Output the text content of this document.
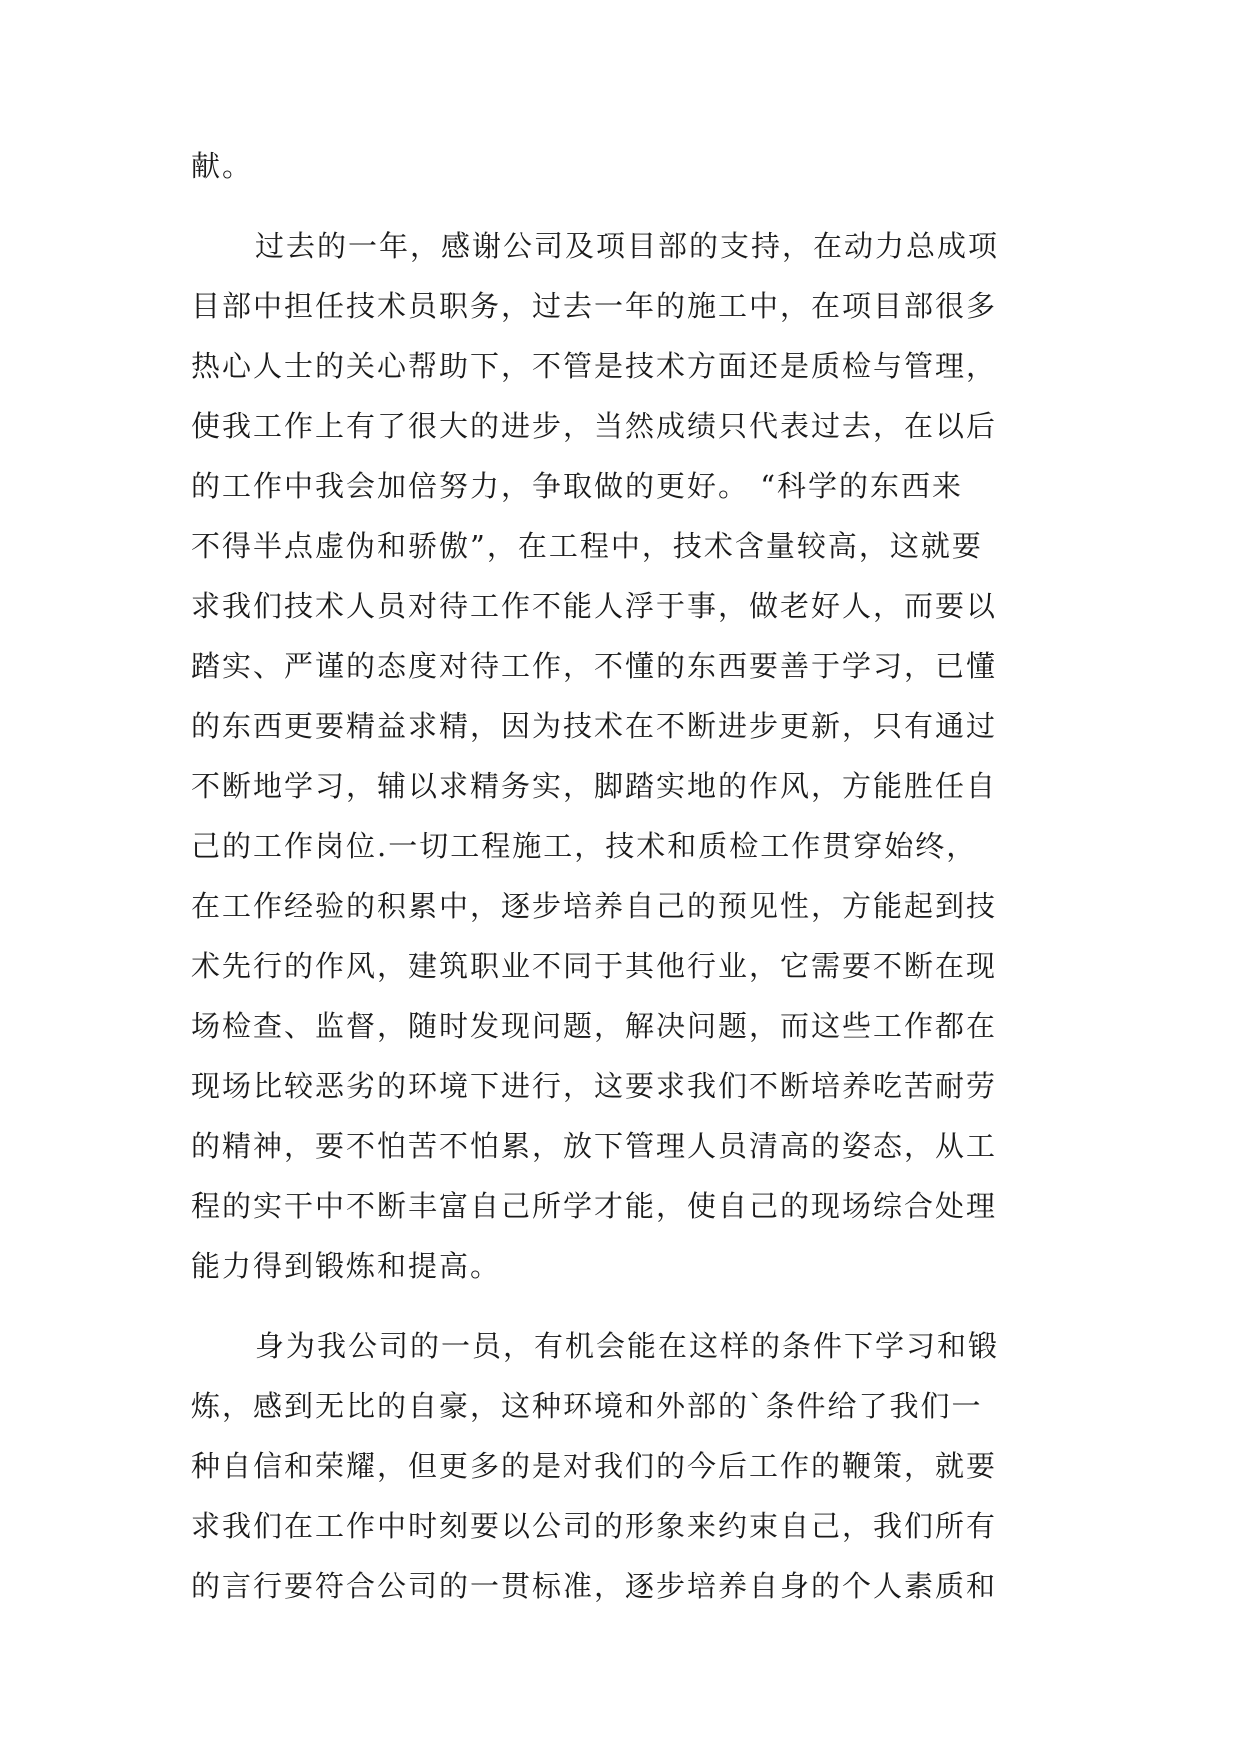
献。
过去的一年，感谢公司及项目部的支持，在动力总成项
目部中担任技术员职务，过去一年的施工中，在项目部很多
热心人士的关心帮助下，不管是技术方面还是质检与管理，
使我工作上有了很大的进步，当然成绩只代表过去，在以后
的工作中我会加倍努力，争取做的更好。 “科学的东西来
不得半点虚伪和骄傲”，在工程中，技术含量较高，这就要
求我们技术人员对待工作不能人浮于事，做老好人，而要以
踏实、严谨的态度对待工作，不懂的东西要善于学习，已懂
的东西更要精益求精，因为技术在不断进步更新，只有通过
不断地学习，辅以求精务实，脚踏实地的作风，方能胜任自
己的工作岗位.一切工程施工，技术和质检工作贯穿始终，
在工作经验的积累中，逐步培养自己的预见性，方能起到技
术先行的作风，建筑职业不同于其他行业，它需要不断在现
场检查、监督，随时发现问题，解决问题，而这些工作都在
现场比较恶劣的环境下进行，这要求我们不断培养吃苦耐劳
的精神，要不怕苦不怕累，放下管理人员清高的姿态，从工
程的实干中不断丰富自己所学才能，使自己的现场综合处理
能力得到锻炼和提高。
身为我公司的一员，有机会能在这样的条件下学习和锻
炼，感到无比的自豪，这种环境和外部的`条件给了我们一
种自信和荣耀，但更多的是对我们的今后工作的鞭策，就要
求我们在工作中时刻要以公司的形象来约束自己，我们所有
的言行要符合公司的一贯标准，逐步培养自身的个人素质和
